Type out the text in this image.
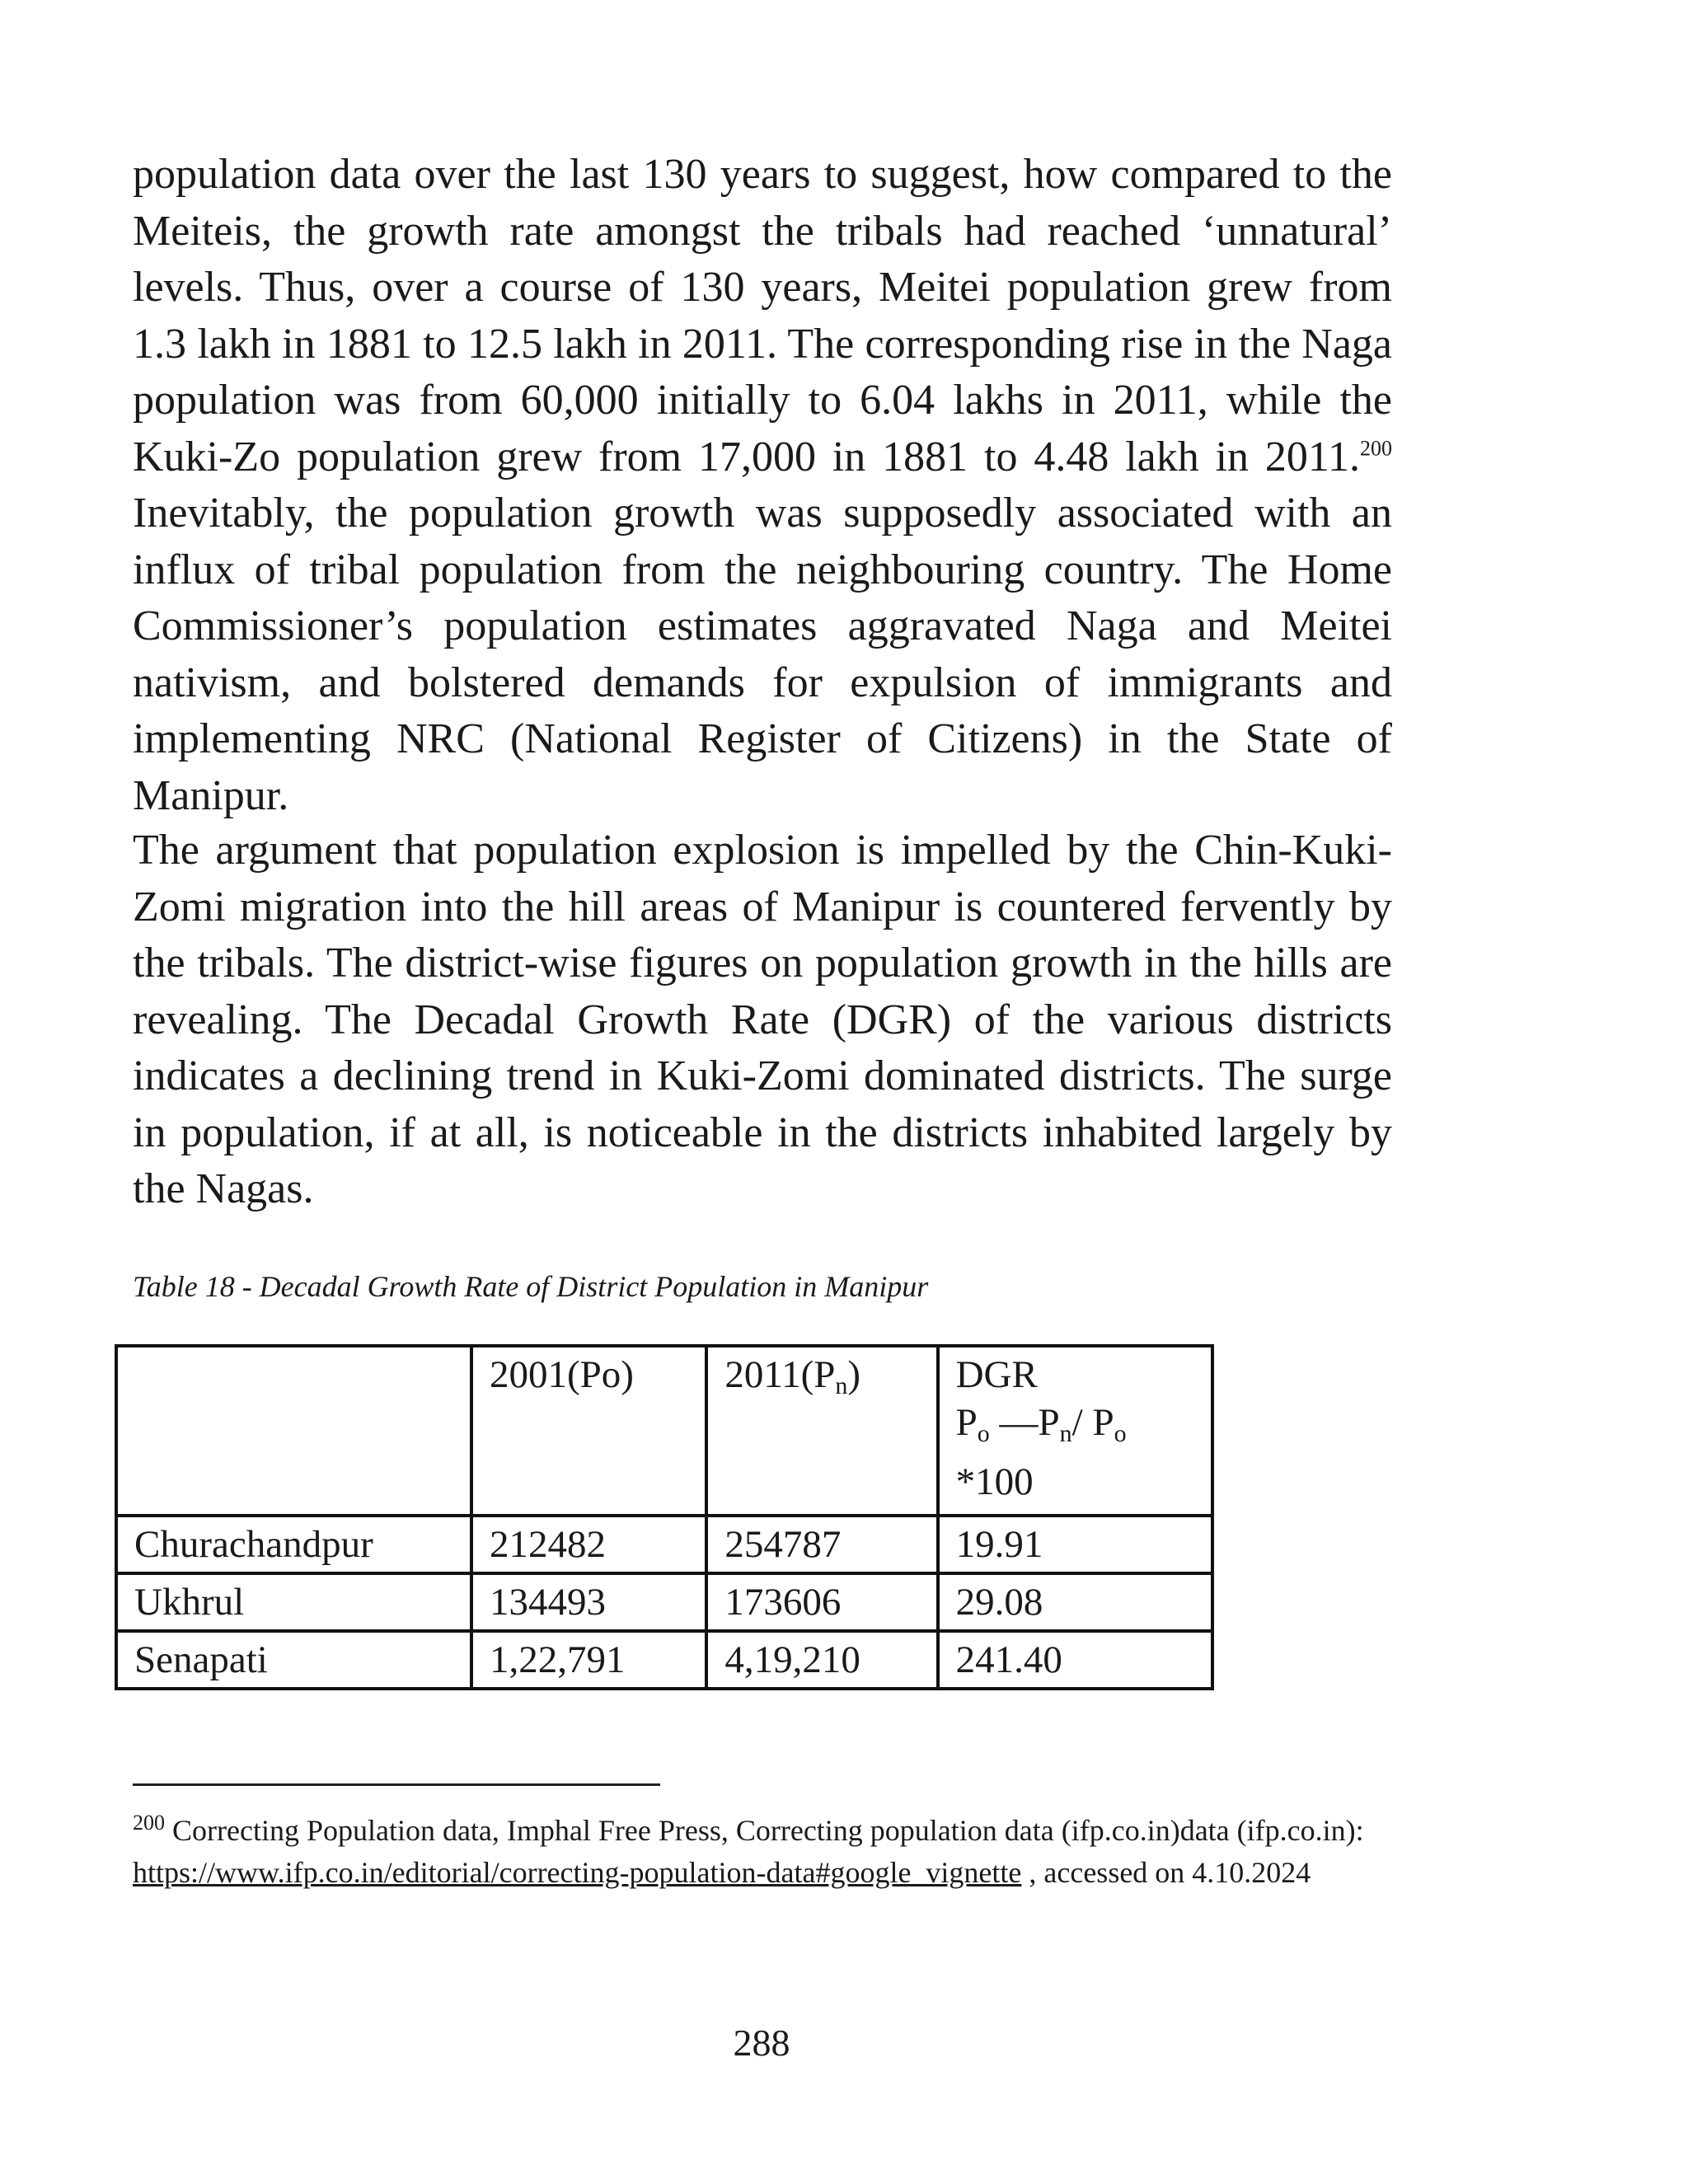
population data over the last 130 years to suggest, how compared to the Meiteis, the growth rate amongst the tribals had reached ‘unnatural’ levels. Thus, over a course of 130 years, Meitei population grew from 1.3 lakh in 1881 to 12.5 lakh in 2011. The corresponding rise in the Naga population was from 60,000 initially to 6.04 lakhs in 2011, while the Kuki-Zo population grew from 17,000 in 1881 to 4.48 lakh in 2011.$^{200}$ Inevitably, the population growth was supposedly associated with an influx of tribal population from the neighbouring country. The Home Commissioner’s population estimates aggravated Naga and Meitei nativism, and bolstered demands for expulsion of immigrants and implementing NRC (National Register of Citizens) in the State of Manipur.

The argument that population explosion is impelled by the Chin-Kuki-Zomi migration into the hill areas of Manipur is countered fervently by the tribals. The district-wise figures on population growth in the hills are revealing. The Decadal Growth Rate (DGR) of the various districts indicates a declining trend in Kuki-Zomi dominated districts. The surge in population, if at all, is noticeable in the districts inhabited largely by the Nagas.

Table 18 - Decadal Growth Rate of District Population in Manipur

	2001(Po)	$2011(P_n)$	DGR
$P_o$ $—P_n/$ $P_o$
*100

Churachandpur	212482	254787	19.91
Ukhrul	134493	173606	29.08
Senapati	1,22,791	4,19,210	241.40

$^{200}$ Correcting Population data, Imphal Free Press, Correcting population data (ifp.co.in)data (ifp.co.in): https://www.ifp.co.in/editorial/correcting-population-data#google_vignette , accessed on 4.10.2024

288
